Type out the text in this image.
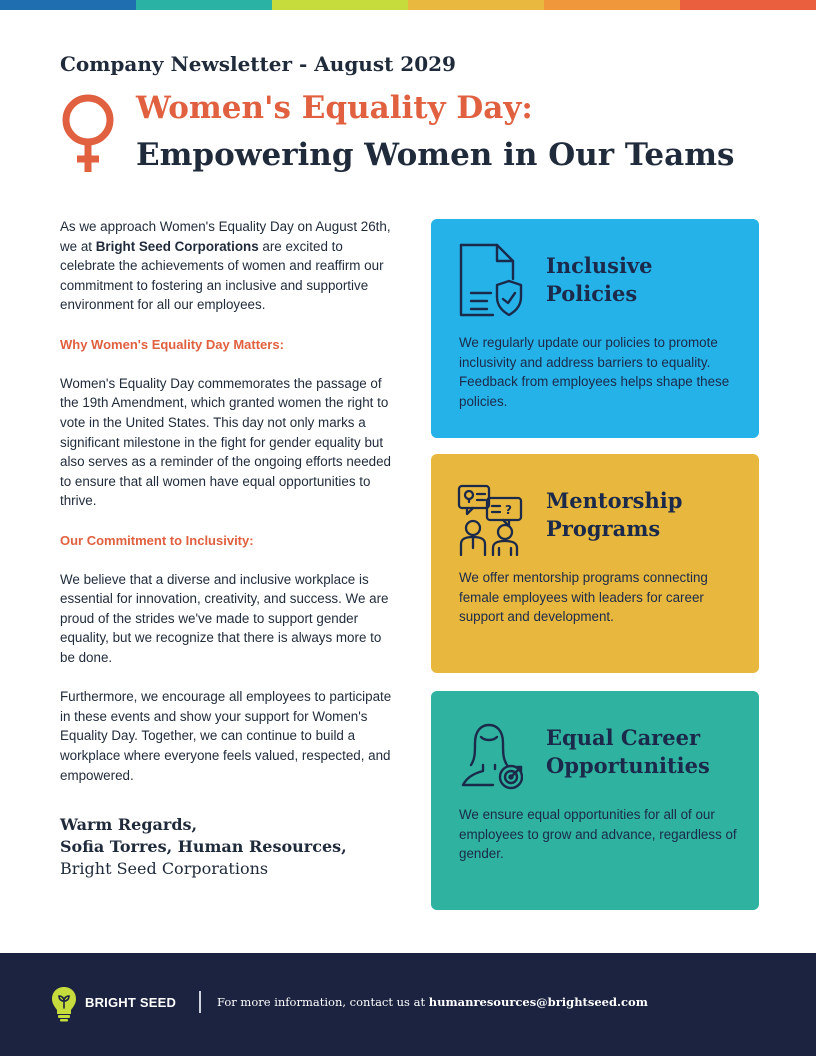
Company Newsletter - August 2029
Women's Equality Day:
Empowering Women in Our Teams

As we approach Women's Equality Day on August 26th, we at Bright Seed Corporations are excited to celebrate the achievements of women and reaffirm our commitment to fostering an inclusive and supportive environment for all our employees.

Why Women's Equality Day Matters:

Women's Equality Day commemorates the passage of the 19th Amendment, which granted women the right to vote in the United States. This day not only marks a significant milestone in the fight for gender equality but also serves as a reminder of the ongoing efforts needed to ensure that all women have equal opportunities to thrive.

Our Commitment to Inclusivity:

We believe that a diverse and inclusive workplace is essential for innovation, creativity, and success. We are proud of the strides we've made to support gender equality, but we recognize that there is always more to be done.

Furthermore, we encourage all employees to participate in these events and show your support for Women's Equality Day. Together, we can continue to build a workplace where everyone feels valued, respected, and empowered.

Warm Regards,
Sofia Torres, Human Resources,
Bright Seed Corporations
Inclusive Policies

We regularly update our policies to promote inclusivity and address barriers to equality. Feedback from employees helps shape these policies.

? Mentorship Programs

We offer mentorship programs connecting female employees with leaders for career support and development.

Equal Career Opportunities

We ensure equal opportunities for all of our employees to grow and advance, regardless of gender.

BRIGHT SEED	For more information, contact us at humanresources@brightseed.com
